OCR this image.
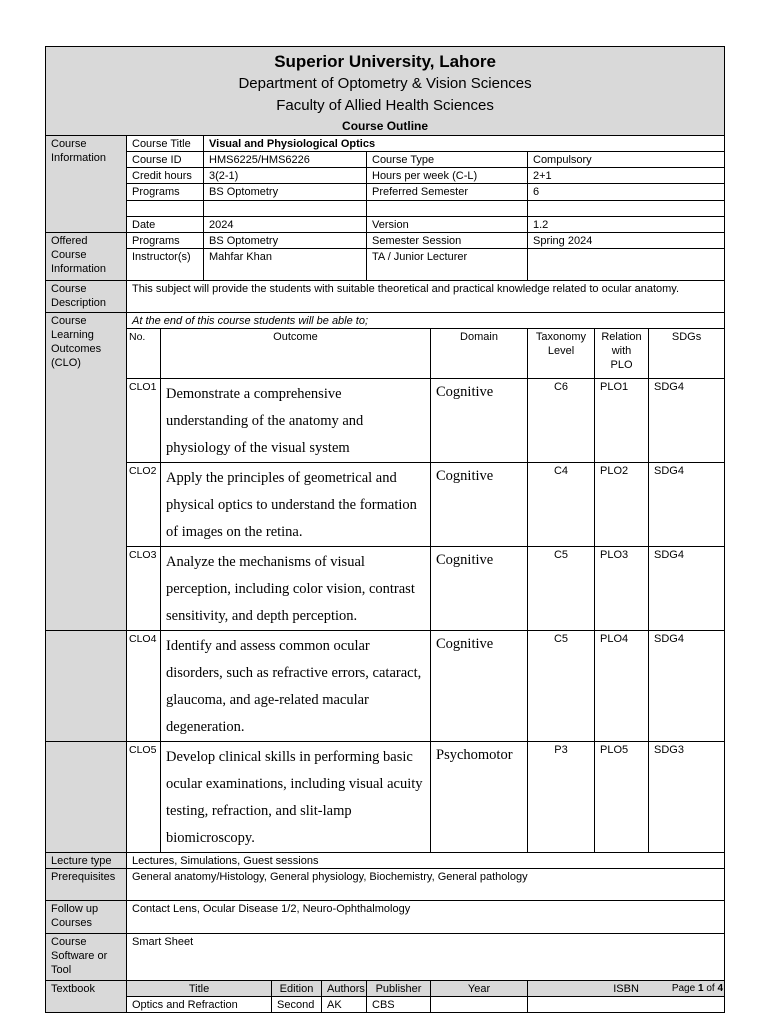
Superior University, Lahore
Department of Optometry & Vision Sciences
Faculty of Allied Health Sciences
Course Outline										

Course Information	Course Title		Visual and Physiological Optics							
	Course ID		HMS6225/HMS6226			Course Type		Compulsory		
	Credit hours		3(2-1)			Hours per week (C-L)		2+1		
	Programs		BS Optometry			Preferred Semester		6		

	Date		2024			Version		1.2		
Offered Course Information	Programs		BS Optometry			Semester Session		Spring 2024		
	Instructor(s)		Mahfar Khan			TA / Junior Lecturer				
Course Description	This subject will provide the students with suitable theoretical and practical knowledge related to ocular anatomy.									
Course Learning Outcomes (CLO)	At the end of this course students will be able to;									
	No.	Outcome					Domain	Taxonomy Level	Relation with PLO	SDGs
	CLO1	Demonstrate a comprehensive understanding of the anatomy and physiology of the visual system					Cognitive	C6	PLO1	SDG4
	CLO2	Apply the principles of geometrical and physical optics to understand the formation of images on the retina.					Cognitive	C4	PLO2	SDG4
	CLO3	Analyze the mechanisms of visual perception, including color vision, contrast sensitivity, and depth perception.					Cognitive	C5	PLO3	SDG4
	CLO4	Identify and assess common ocular disorders, such as refractive errors, cataract, glaucoma, and age-related macular degeneration.					Cognitive	C5	PLO4	SDG4
	CLO5	Develop clinical skills in performing basic ocular examinations, including visual acuity testing, refraction, and slit-lamp biomicroscopy.					Psychomotor	P3	PLO5	SDG3
Lecture type	Lectures, Simulations, Guest sessions									
Prerequisites	General anatomy/Histology, General physiology, Biochemistry, General pathology									
Follow up Courses	Contact Lens, Ocular Disease 1/2, Neuro-Ophthalmology									
Course Software or Tool	Smart Sheet									
Textbook	Title			Edition	Authors	Publisher	Year	ISBN		
	Optics and Refraction			Second	AK	CBS				
Page 1 of 4
